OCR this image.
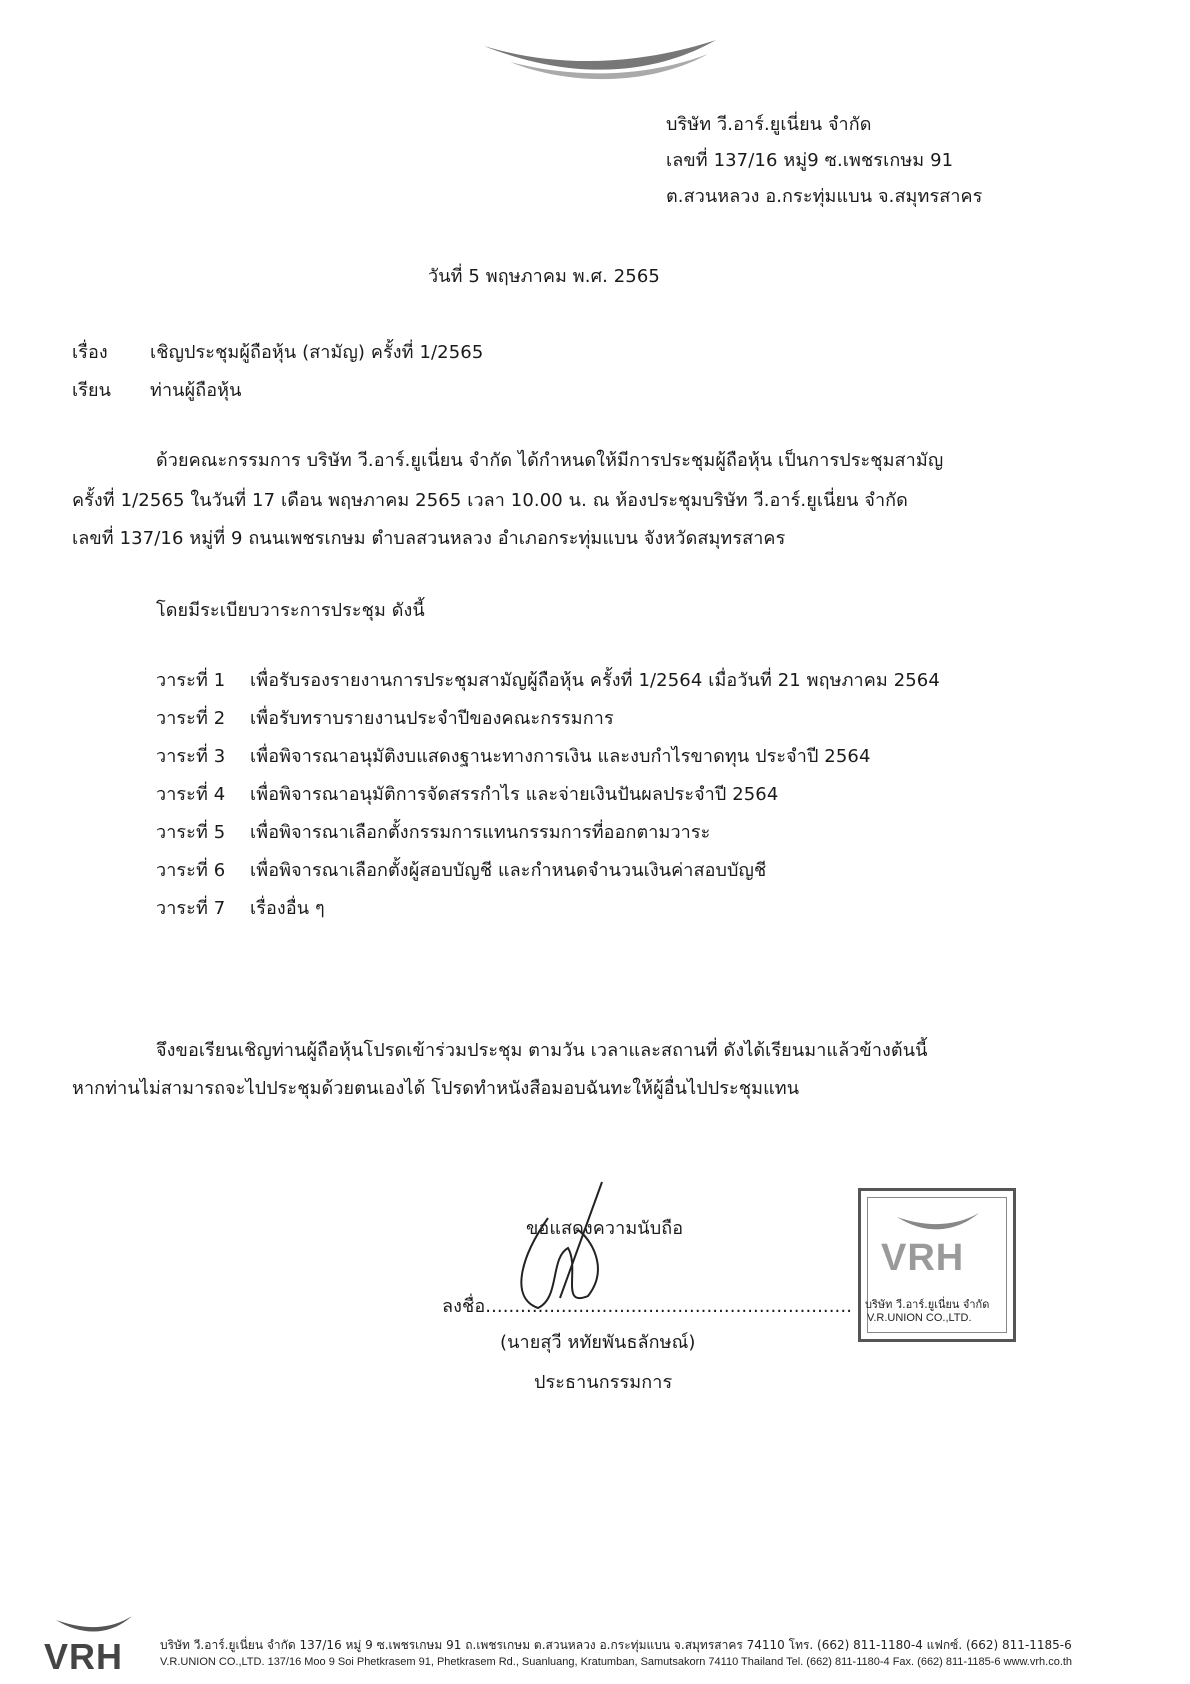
บริษัท วี.อาร์.ยูเนี่ยน จำกัด
เลขที่ 137/16 หมู่9 ซ.เพชรเกษม 91
ต.สวนหลวง อ.กระทุ่มแบน จ.สมุทรสาคร
วันที่ 5 พฤษภาคม พ.ศ. 2565
เรื่อง เชิญประชุมผู้ถือหุ้น (สามัญ) ครั้งที่ 1/2565
เรียน ท่านผู้ถือหุ้น
ด้วยคณะกรรมการ บริษัท วี.อาร์.ยูเนี่ยน จำกัด ได้กำหนดให้มีการประชุมผู้ถือหุ้น เป็นการประชุมสามัญ
ครั้งที่ 1/2565 ในวันที่ 17 เดือน พฤษภาคม 2565 เวลา 10.00 น. ณ ห้องประชุมบริษัท วี.อาร์.ยูเนี่ยน จำกัด
เลขที่ 137/16 หมู่ที่ 9 ถนนเพชรเกษม ตำบลสวนหลวง อำเภอกระทุ่มแบน จังหวัดสมุทรสาคร
โดยมีระเบียบวาระการประชุม ดังนี้
วาระที่ 1	เพื่อรับรองรายงานการประชุมสามัญผู้ถือหุ้น ครั้งที่ 1/2564 เมื่อวันที่ 21 พฤษภาคม 2564
วาระที่ 2	เพื่อรับทราบรายงานประจำปีของคณะกรรมการ
วาระที่ 3	เพื่อพิจารณาอนุมัติงบแสดงฐานะทางการเงิน และงบกำไรขาดทุน ประจำปี 2564
วาระที่ 4	เพื่อพิจารณาอนุมัติการจัดสรรกำไร และจ่ายเงินปันผลประจำปี 2564
วาระที่ 5	เพื่อพิจารณาเลือกตั้งกรรมการแทนกรรมการที่ออกตามวาระ
วาระที่ 6	เพื่อพิจารณาเลือกตั้งผู้สอบบัญชี และกำหนดจำนวนเงินค่าสอบบัญชี
วาระที่ 7	เรื่องอื่น ๆ
จึงขอเรียนเชิญท่านผู้ถือหุ้นโปรดเข้าร่วมประชุม ตามวัน เวลาและสถานที่ ดังได้เรียนมาแล้วข้างต้นนี้
หากท่านไม่สามารถจะไปประชุมด้วยตนเองได้ โปรดทำหนังสือมอบฉันทะให้ผู้อื่นไปประชุมแทน
ขอแสดงความนับถือ
ลงชื่อ...............................................................
(นายสุวี หทัยพันธลักษณ์)
ประธานกรรมการ
VRH
บริษัท วี.อาร์.ยูเนี่ยน จำกัด
V.R.UNION CO.,LTD.
VRH	บริษัท วี.อาร์.ยูเนี่ยน จำกัด 137/16 หมู่ 9 ซ.เพชรเกษม 91 ถ.เพชรเกษม ต.สวนหลวง อ.กระทุ่มแบน จ.สมุทรสาคร 74110 โทร. (662) 811-1180-4 แฟกซ์. (662) 811-1185-6
V.R.UNION CO.,LTD. 137/16 Moo 9 Soi Phetkrasem 91, Phetkrasem Rd., Suanluang, Kratumban, Samutsakorn 74110 Thailand Tel. (662) 811-1180-4 Fax. (662) 811-1185-6 www.vrh.co.th
